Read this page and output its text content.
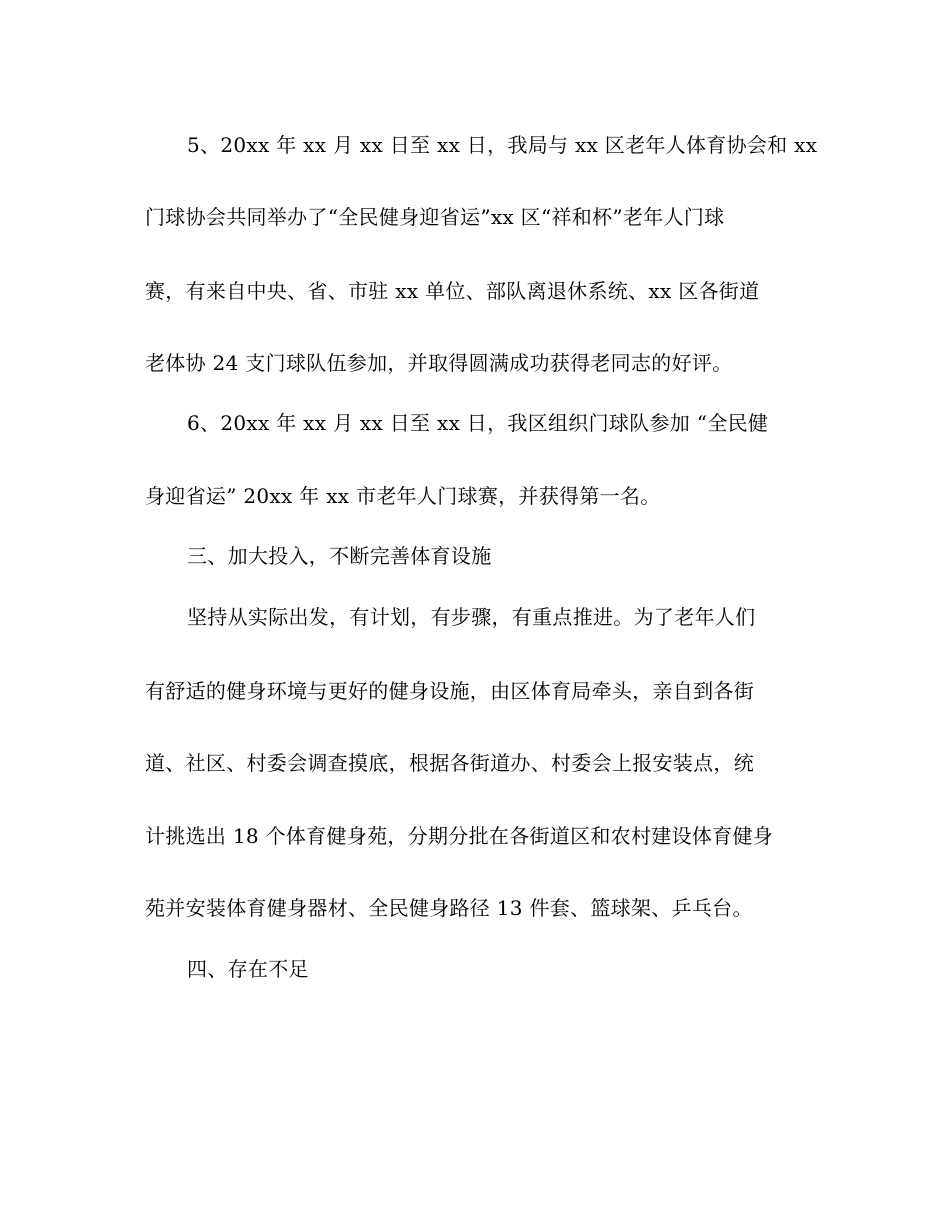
5、20xx 年 xx 月 xx 日至 xx 日，我局与 xx 区老年人体育协会和 xx
门球协会共同举办了“全民健身迎省运”xx 区“祥和杯”老年人门球
赛，有来自中央、省、市驻 xx 单位、部队离退休系统、xx 区各街道
老体协 24 支门球队伍参加，并取得圆满成功获得老同志的好评。
6、20xx 年 xx 月 xx 日至 xx 日，我区组织门球队参加 “全民健
身迎省运” 20xx 年 xx 市老年人门球赛，并获得第一名。
三、加大投入，不断完善体育设施
坚持从实际出发，有计划，有步骤，有重点推进。为了老年人们
有舒适的健身环境与更好的健身设施，由区体育局牵头，亲自到各街
道、社区、村委会调查摸底，根据各街道办、村委会上报安装点，统
计挑选出 18 个体育健身苑，分期分批在各街道区和农村建设体育健身
苑并安装体育健身器材、全民健身路径 13 件套、篮球架、乒乓台。
四、存在不足
